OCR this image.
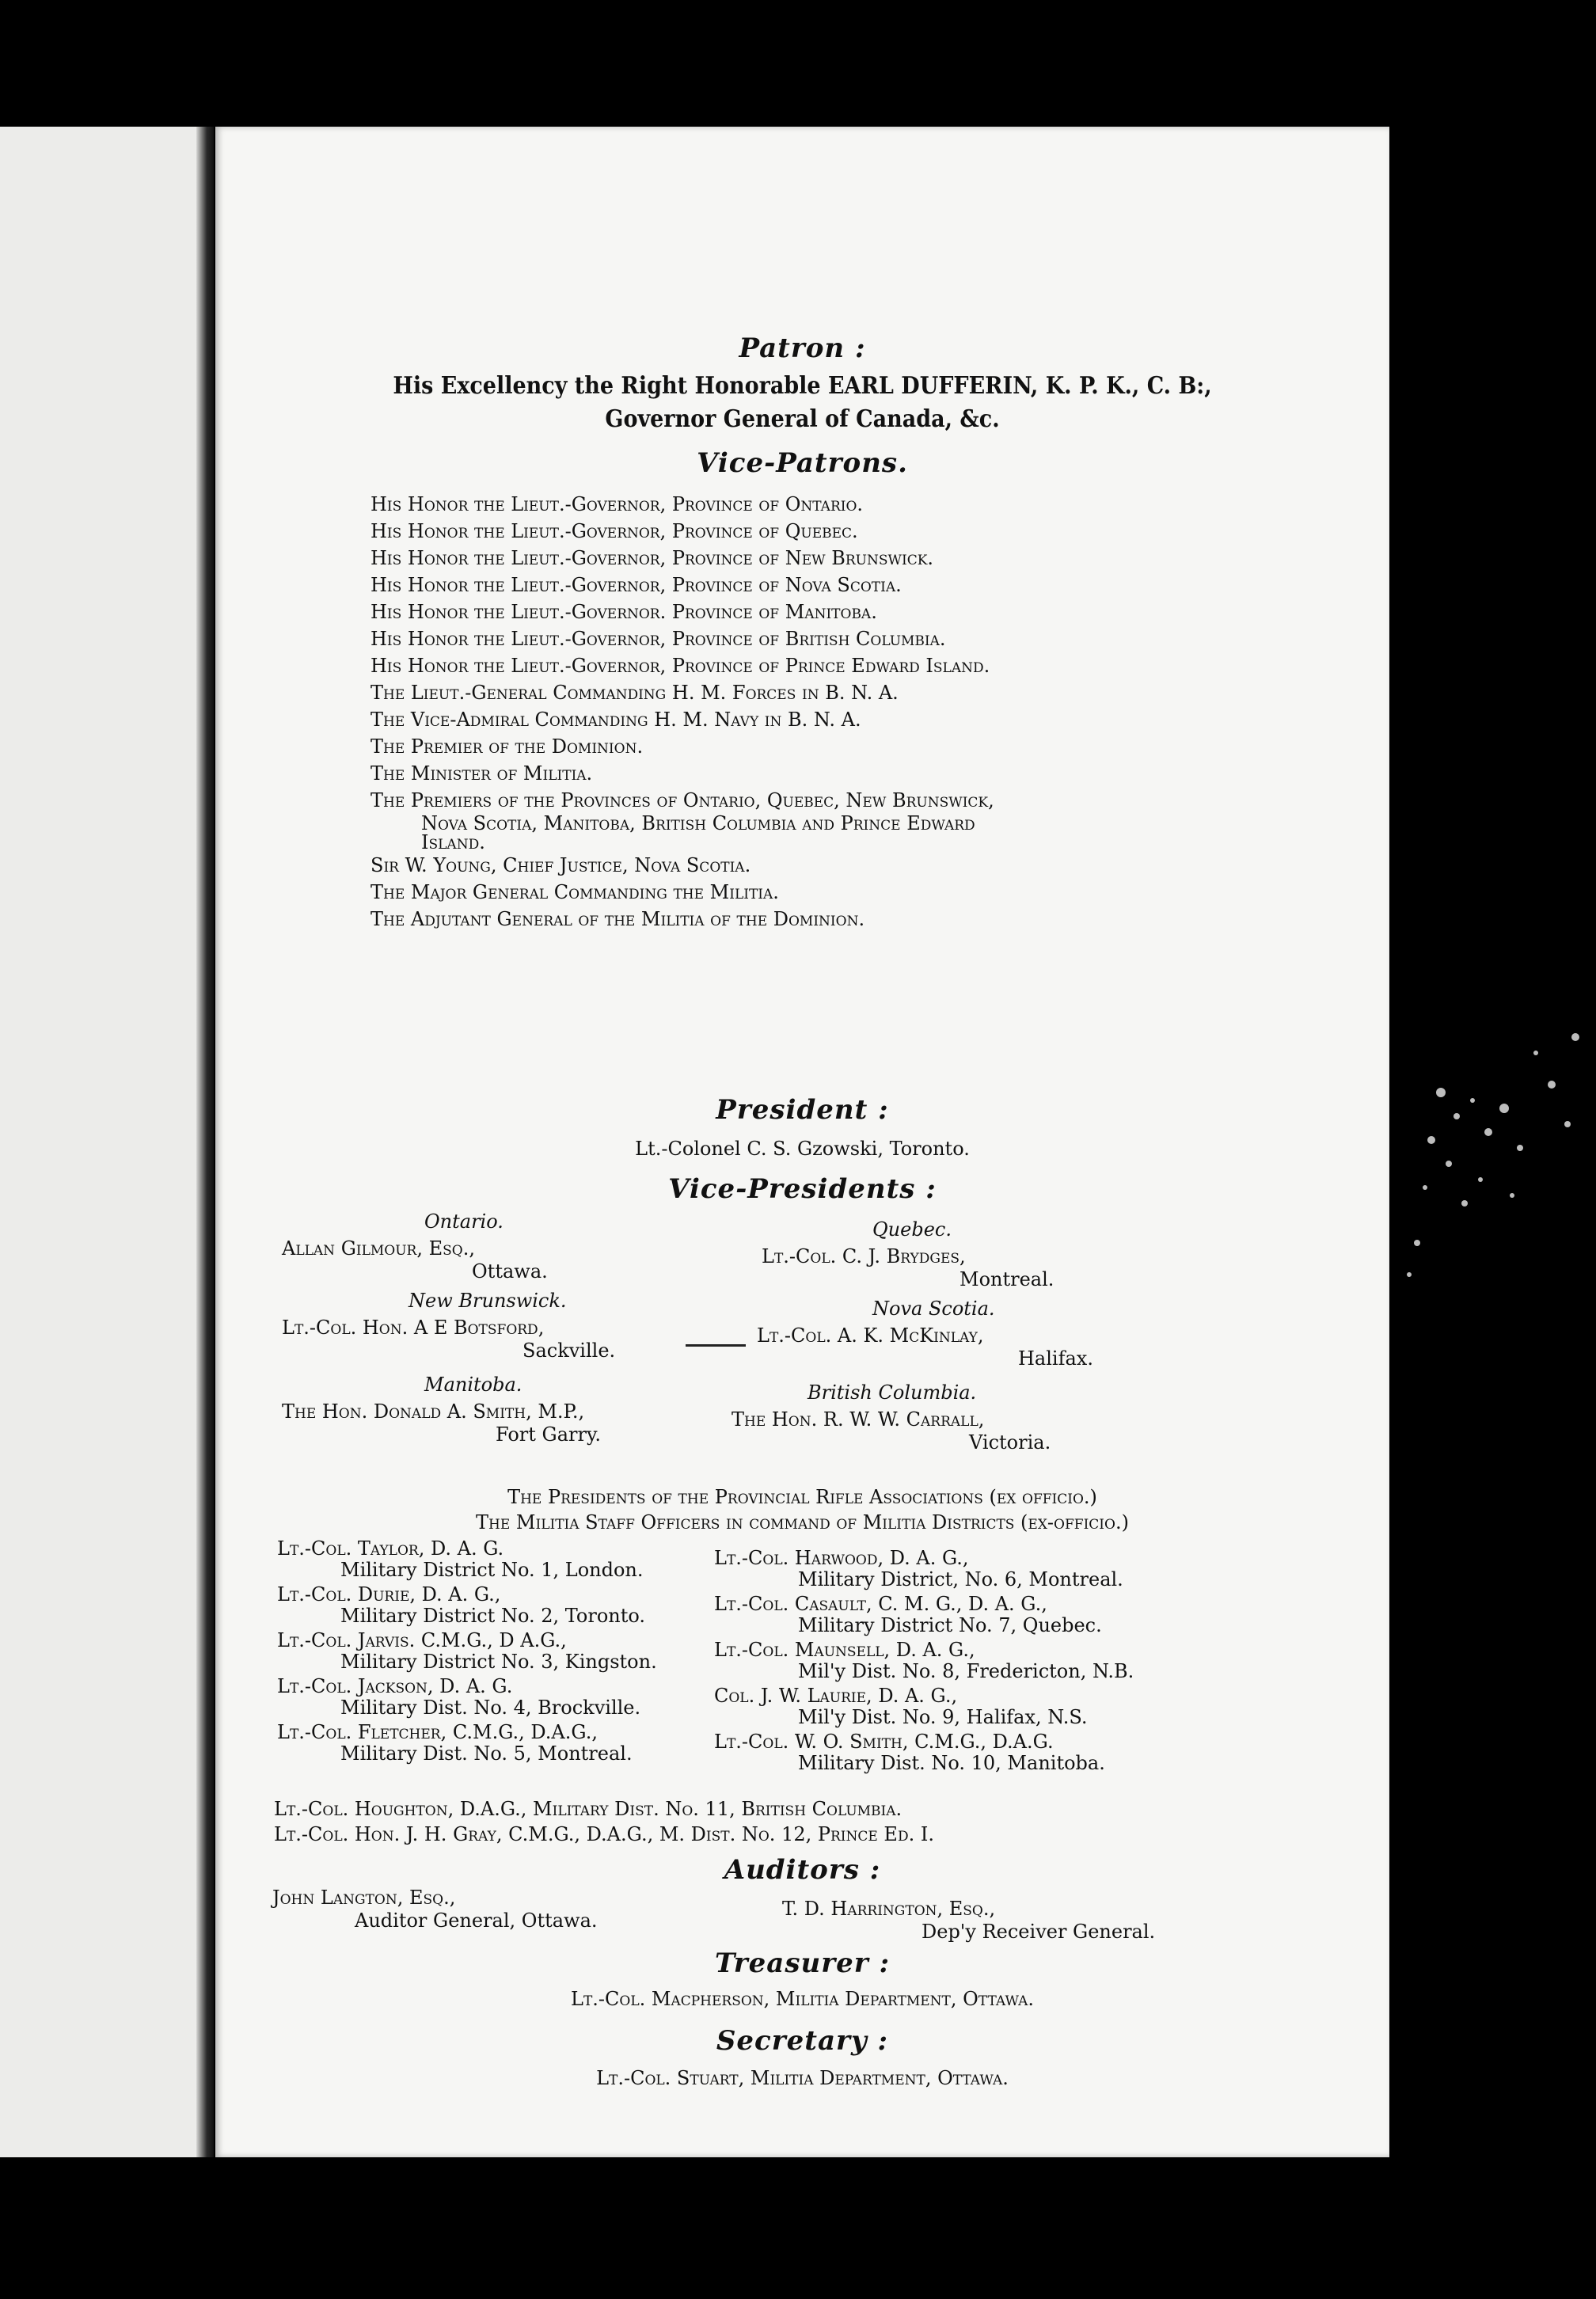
Patron :
His Excellency the Right Honorable EARL DUFFERIN, K. P. K., C. B:,
Governor General of Canada, &c.
Vice-Patrons.
His Honor the Lieut.-Governor, Province of Ontario.
His Honor the Lieut.-Governor, Province of Quebec.
His Honor the Lieut.-Governor, Province of New Brunswick.
His Honor the Lieut.-Governor, Province of Nova Scotia.
His Honor the Lieut.-Governor. Province of Manitoba.
His Honor the Lieut.-Governor, Province of British Columbia.
His Honor the Lieut.-Governor, Province of Prince Edward Island.
The Lieut.-General Commanding H. M. Forces in B. N. A.
The Vice-Admiral Commanding H. M. Navy in B. N. A.
The Premier of the Dominion.
The Minister of Militia.
The Premiers of the Provinces of Ontario, Quebec, New Brunswick,
Nova Scotia, Manitoba, British Columbia and Prince Edward
Island.
Sir W. Young, Chief Justice, Nova Scotia.
The Major General Commanding the Militia.
The Adjutant General of the Militia of the Dominion.
President :
Lt.-Colonel C. S. Gzowski, Toronto.
Vice-Presidents :
Ontario.
Allan Gilmour, Esq.,
Ottawa.
Quebec.
Lt.-Col. C. J. Brydges,
Montreal.
New Brunswick.
Lt.-Col. Hon. A E Botsford,
Sackville.
Nova Scotia.
Lt.-Col. A. K. McKinlay,
Halifax.
Manitoba.
The Hon. Donald A. Smith, M.P.,
Fort Garry.
British Columbia.
The Hon. R. W. W. Carrall,
Victoria.
The Presidents of the Provincial Rifle Associations (ex officio.)
The Militia Staff Officers in command of Militia Districts (ex-officio.)
Lt.-Col. Taylor, D. A. G.
Military District No. 1, London.
Lt.-Col. Durie, D. A. G.,
Military District No. 2, Toronto.
Lt.-Col. Jarvis. C.M.G., D A.G.,
Military District No. 3, Kingston.
Lt.-Col. Jackson, D. A. G.
Military Dist. No. 4, Brockville.
Lt.-Col. Fletcher, C.M.G., D.A.G.,
Military Dist. No. 5, Montreal.
Lt.-Col. Harwood, D. A. G.,
Military District, No. 6, Montreal.
Lt.-Col. Casault, C. M. G., D. A. G.,
Military District No. 7, Quebec.
Lt.-Col. Maunsell, D. A. G.,
Mil'y Dist. No. 8, Fredericton, N.B.
Col. J. W. Laurie, D. A. G.,
Mil'y Dist. No. 9, Halifax, N.S.
Lt.-Col. W. O. Smith, C.M.G., D.A.G.
Military Dist. No. 10, Manitoba.
Lt.-Col. Houghton, D.A.G., Military Dist. No. 11, British Columbia.
Lt.-Col. Hon. J. H. Gray, C.M.G., D.A.G., M. Dist. No. 12, Prince Ed. I.
Auditors :
John Langton, Esq.,
Auditor General, Ottawa.
T. D. Harrington, Esq.,
Dep'y Receiver General.
Treasurer :
Lt.-Col. Macpherson, Militia Department, Ottawa.
Secretary :
Lt.-Col. Stuart, Militia Department, Ottawa.
